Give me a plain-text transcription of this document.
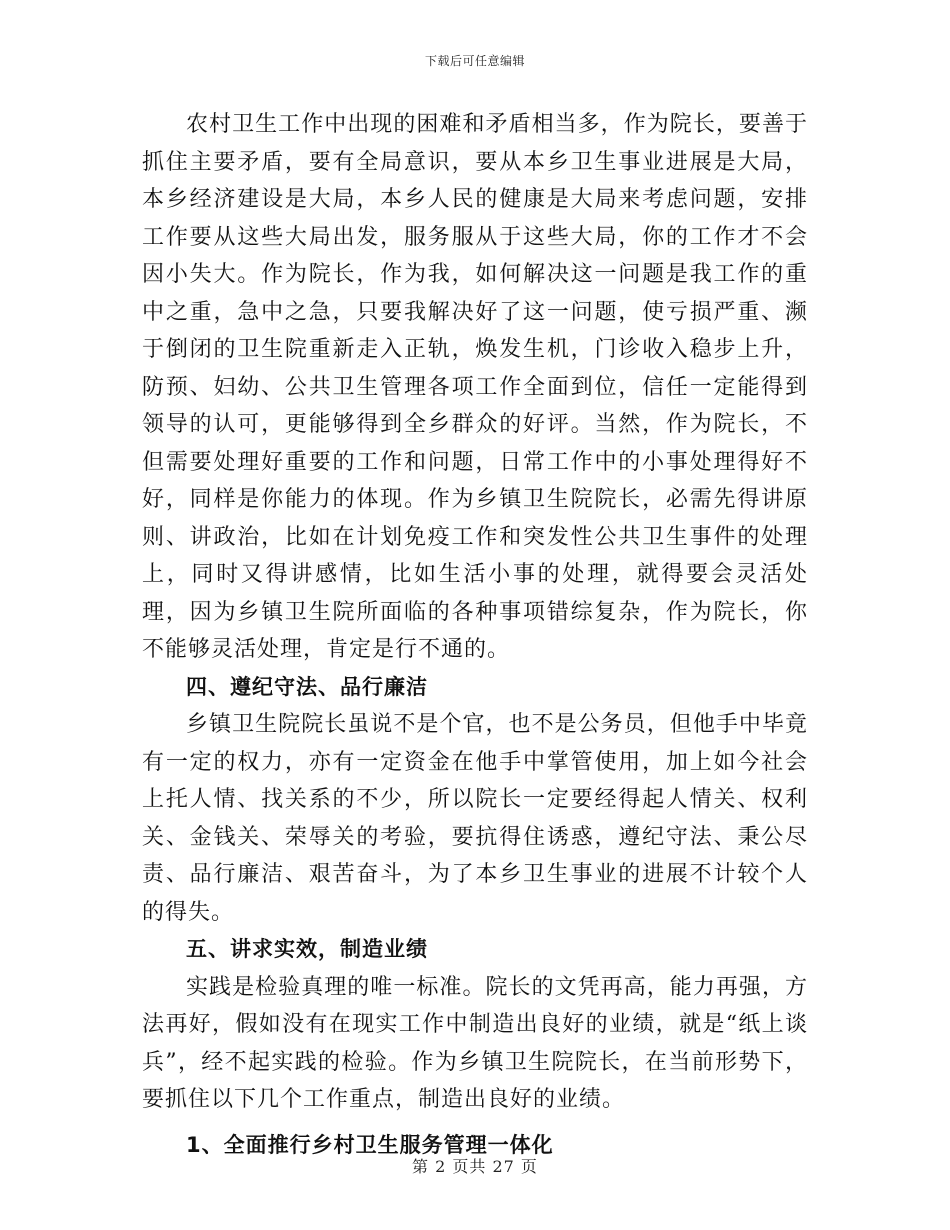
下载后可任意编辑

农村卫生工作中出现的困难和矛盾相当多，作为院长，要善于抓住主要矛盾，要有全局意识，要从本乡卫生事业进展是大局，本乡经济建设是大局，本乡人民的健康是大局来考虑问题，安排工作要从这些大局出发，服务服从于这些大局，你的工作才不会因小失大。作为院长，作为我，如何解决这一问题是我工作的重中之重，急中之急，只要我解决好了这一问题，使亏损严重、濒于倒闭的卫生院重新走入正轨，焕发生机，门诊收入稳步上升，防预、妇幼、公共卫生管理各项工作全面到位，信任一定能得到领导的认可，更能够得到全乡群众的好评。当然，作为院长，不但需要处理好重要的工作和问题，日常工作中的小事处理得好不好，同样是你能力的体现。作为乡镇卫生院院长，必需先得讲原则、讲政治，比如在计划免疫工作和突发性公共卫生事件的处理上，同时又得讲感情，比如生活小事的处理，就得要会灵活处理，因为乡镇卫生院所面临的各种事项错综复杂，作为院长，你不能够灵活处理，肯定是行不通的。

四、遵纪守法、品行廉洁

乡镇卫生院院长虽说不是个官，也不是公务员，但他手中毕竟有一定的权力，亦有一定资金在他手中掌管使用，加上如今社会上托人情、找关系的不少，所以院长一定要经得起人情关、权利关、金钱关、荣辱关的考验，要抗得住诱惑，遵纪守法、秉公尽责、品行廉洁、艰苦奋斗，为了本乡卫生事业的进展不计较个人的得失。

五、讲求实效，制造业绩

实践是检验真理的唯一标准。院长的文凭再高，能力再强，方法再好，假如没有在现实工作中制造出良好的业绩，就是“纸上谈兵”，经不起实践的检验。作为乡镇卫生院院长，在当前形势下，要抓住以下几个工作重点，制造出良好的业绩。

1、全面推行乡村卫生服务管理一体化

第 2 页共 27 页
